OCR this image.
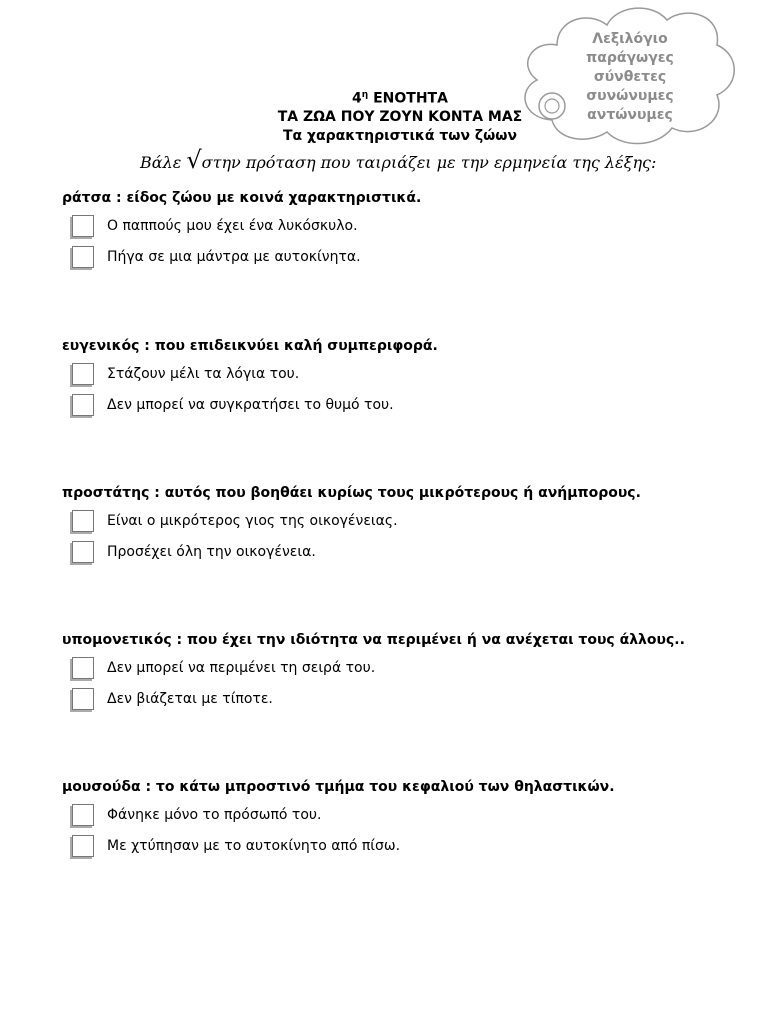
Λεξιλόγιο
παράγωγες
σύνθετες
συνώνυμες
αντώνυμες
$4^\eta$ ΕΝΟΤΗΤΑ
ΤΑ ΖΩΑ ΠΟΥ ΖΟΥΝ ΚΟΝΤΑ ΜΑΣ
Τα χαρακτηριστικά των ζώων
Βάλε √στην πρόταση που ταιριάζει με την ερμηνεία της λέξης:
ράτσα : είδος ζώου με κοινά χαρακτηριστικά.
Ο παππούς μου έχει ένα λυκόσκυλο.
Πήγα σε μια μάντρα με αυτοκίνητα.
ευγενικός : που επιδεικνύει καλή συμπεριφορά.
Στάζουν μέλι τα λόγια του.
Δεν μπορεί να συγκρατήσει το θυμό του.
προστάτης : αυτός που βοηθάει κυρίως τους μικρότερους ή ανήμπορους.
Είναι ο μικρότερος γιος της οικογένειας.
Προσέχει όλη την οικογένεια.
υπομονετικός : που έχει την ιδιότητα να περιμένει ή να ανέχεται τους άλλους..
Δεν μπορεί να περιμένει τη σειρά του.
Δεν βιάζεται με τίποτε.
μουσούδα : το κάτω μπροστινό τμήμα του κεφαλιού των θηλαστικών.
Φάνηκε μόνο το πρόσωπό του.
Με χτύπησαν με το αυτοκίνητο από πίσω.
